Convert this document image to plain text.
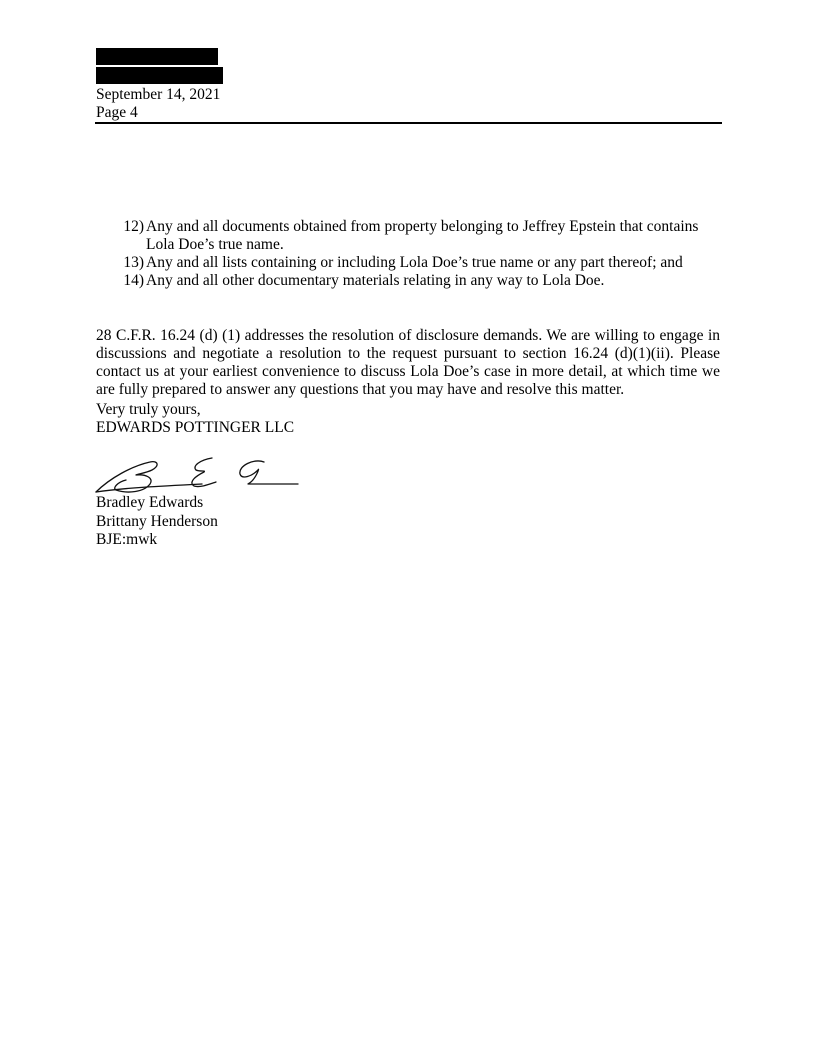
September 14, 2021
Page 4
12) Any and all documents obtained from property belonging to Jeffrey Epstein that contains Lola Doe’s true name.
13) Any and all lists containing or including Lola Doe’s true name or any part thereof; and
14) Any and all other documentary materials relating in any way to Lola Doe.

28 C.F.R. 16.24 (d) (1) addresses the resolution of disclosure demands. We are willing to engage in discussions and negotiate a resolution to the request pursuant to section 16.24 (d)(1)(ii). Please contact us at your earliest convenience to discuss Lola Doe’s case in more detail, at which time we are fully prepared to answer any questions that you may have and resolve this matter.

Very truly yours,
EDWARDS POTTINGER LLC
Bradley Edwards
Brittany Henderson
BJE:mwk
